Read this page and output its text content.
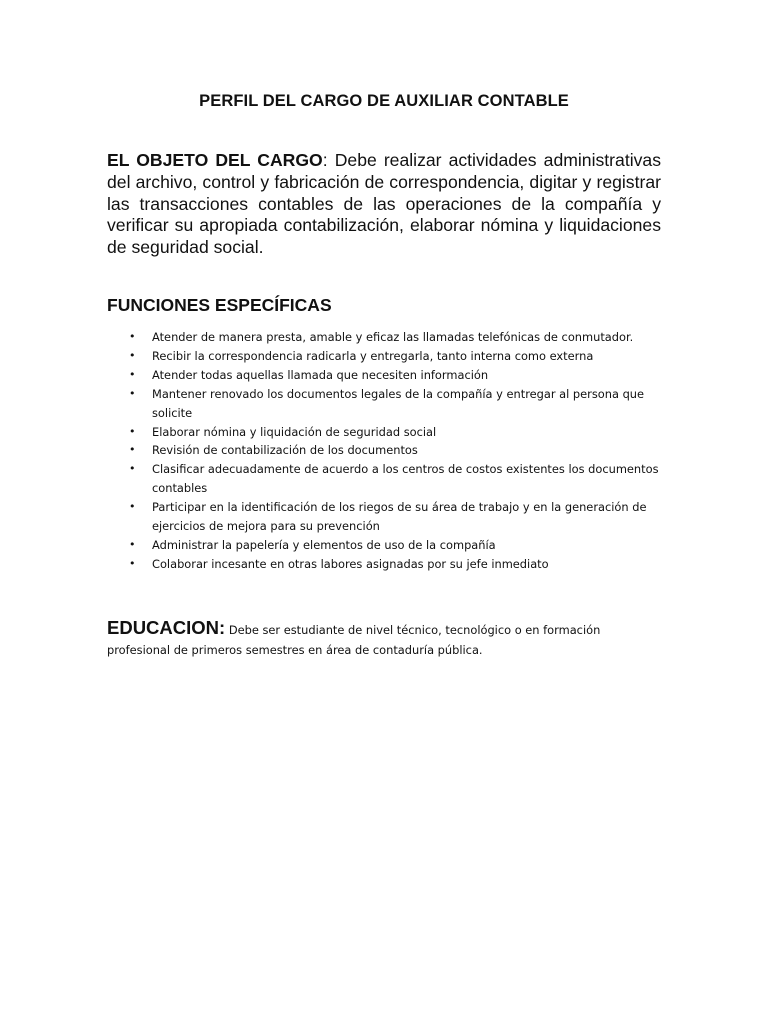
PERFIL DEL CARGO DE AUXILIAR CONTABLE

EL OBJETO DEL CARGO: Debe realizar actividades administrativas del archivo, control y fabricación de correspondencia, digitar y registrar las transacciones contables de las operaciones de la compañía y verificar su apropiada contabilización, elaborar nómina y liquidaciones de seguridad social.

FUNCIONES ESPECÍFICAS
• Atender de manera presta, amable y eficaz las llamadas telefónicas de conmutador.
• Recibir la correspondencia radicarla y entregarla, tanto interna como externa
• Atender todas aquellas llamada que necesiten información
• Mantener renovado los documentos legales de la compañía y entregar al persona que solicite
• Elaborar nómina y liquidación de seguridad social
• Revisión de contabilización de los documentos
• Clasificar adecuadamente de acuerdo a los centros de costos existentes los documentos contables
• Participar en la identificación de los riegos de su área de trabajo y en la generación de ejercicios de mejora para su prevención
• Administrar la papelería y elementos de uso de la compañía
• Colaborar incesante en otras labores asignadas por su jefe inmediato

EDUCACION: Debe ser estudiante de nivel técnico, tecnológico o en formación profesional de primeros semestres en área de contaduría pública.
